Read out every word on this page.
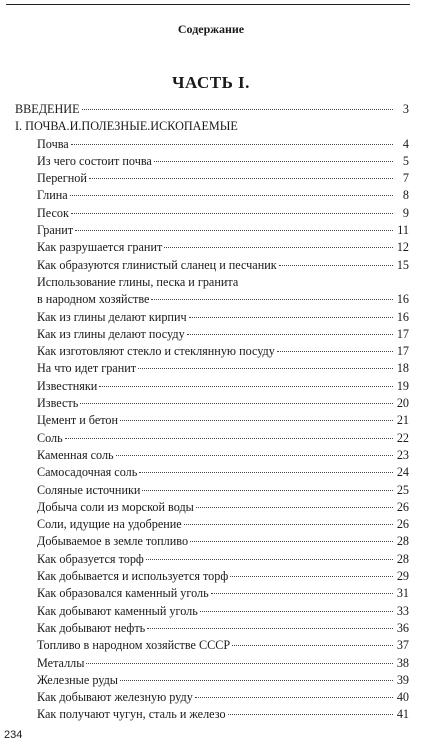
Содержание
ЧАСТЬ I.
ВВЕДЕНИЕ	3
I. ПОЧВА.И.ПОЛЕЗНЫЕ.ИСКОПАЕМЫЕ
Почва	4
Из чего состоит почва	5
Перегной	7
Глина	8
Песок	9
Гранит	11
Как разрушается гранит	12
Как образуются глинистый сланец и песчаник	15
Использование глины, песка и гранита
в народном хозяйстве	16
Как из глины делают кирпич	16
Как из глины делают посуду	17
Как изготовляют стекло и стеклянную посуду	17
На что идет гранит	18
Известняки	19
Известь	20
Цемент и бетон	21
Соль	22
Каменная соль	23
Самосадочная соль	24
Соляные источники	25
Добыча соли из морской воды	26
Соли, идущие на удобрение	26
Добываемое в земле топливо	28
Как образуется торф	28
Как добывается и используется торф	29
Как образовался каменный уголь	31
Как добывают каменный уголь	33
Как добывают нефть	36
Топливо в народном хозяйстве СССР	37
Металлы	38
Железные руды	39
Как добывают железную руду	40
Как получают чугун, сталь и железо	41
234
